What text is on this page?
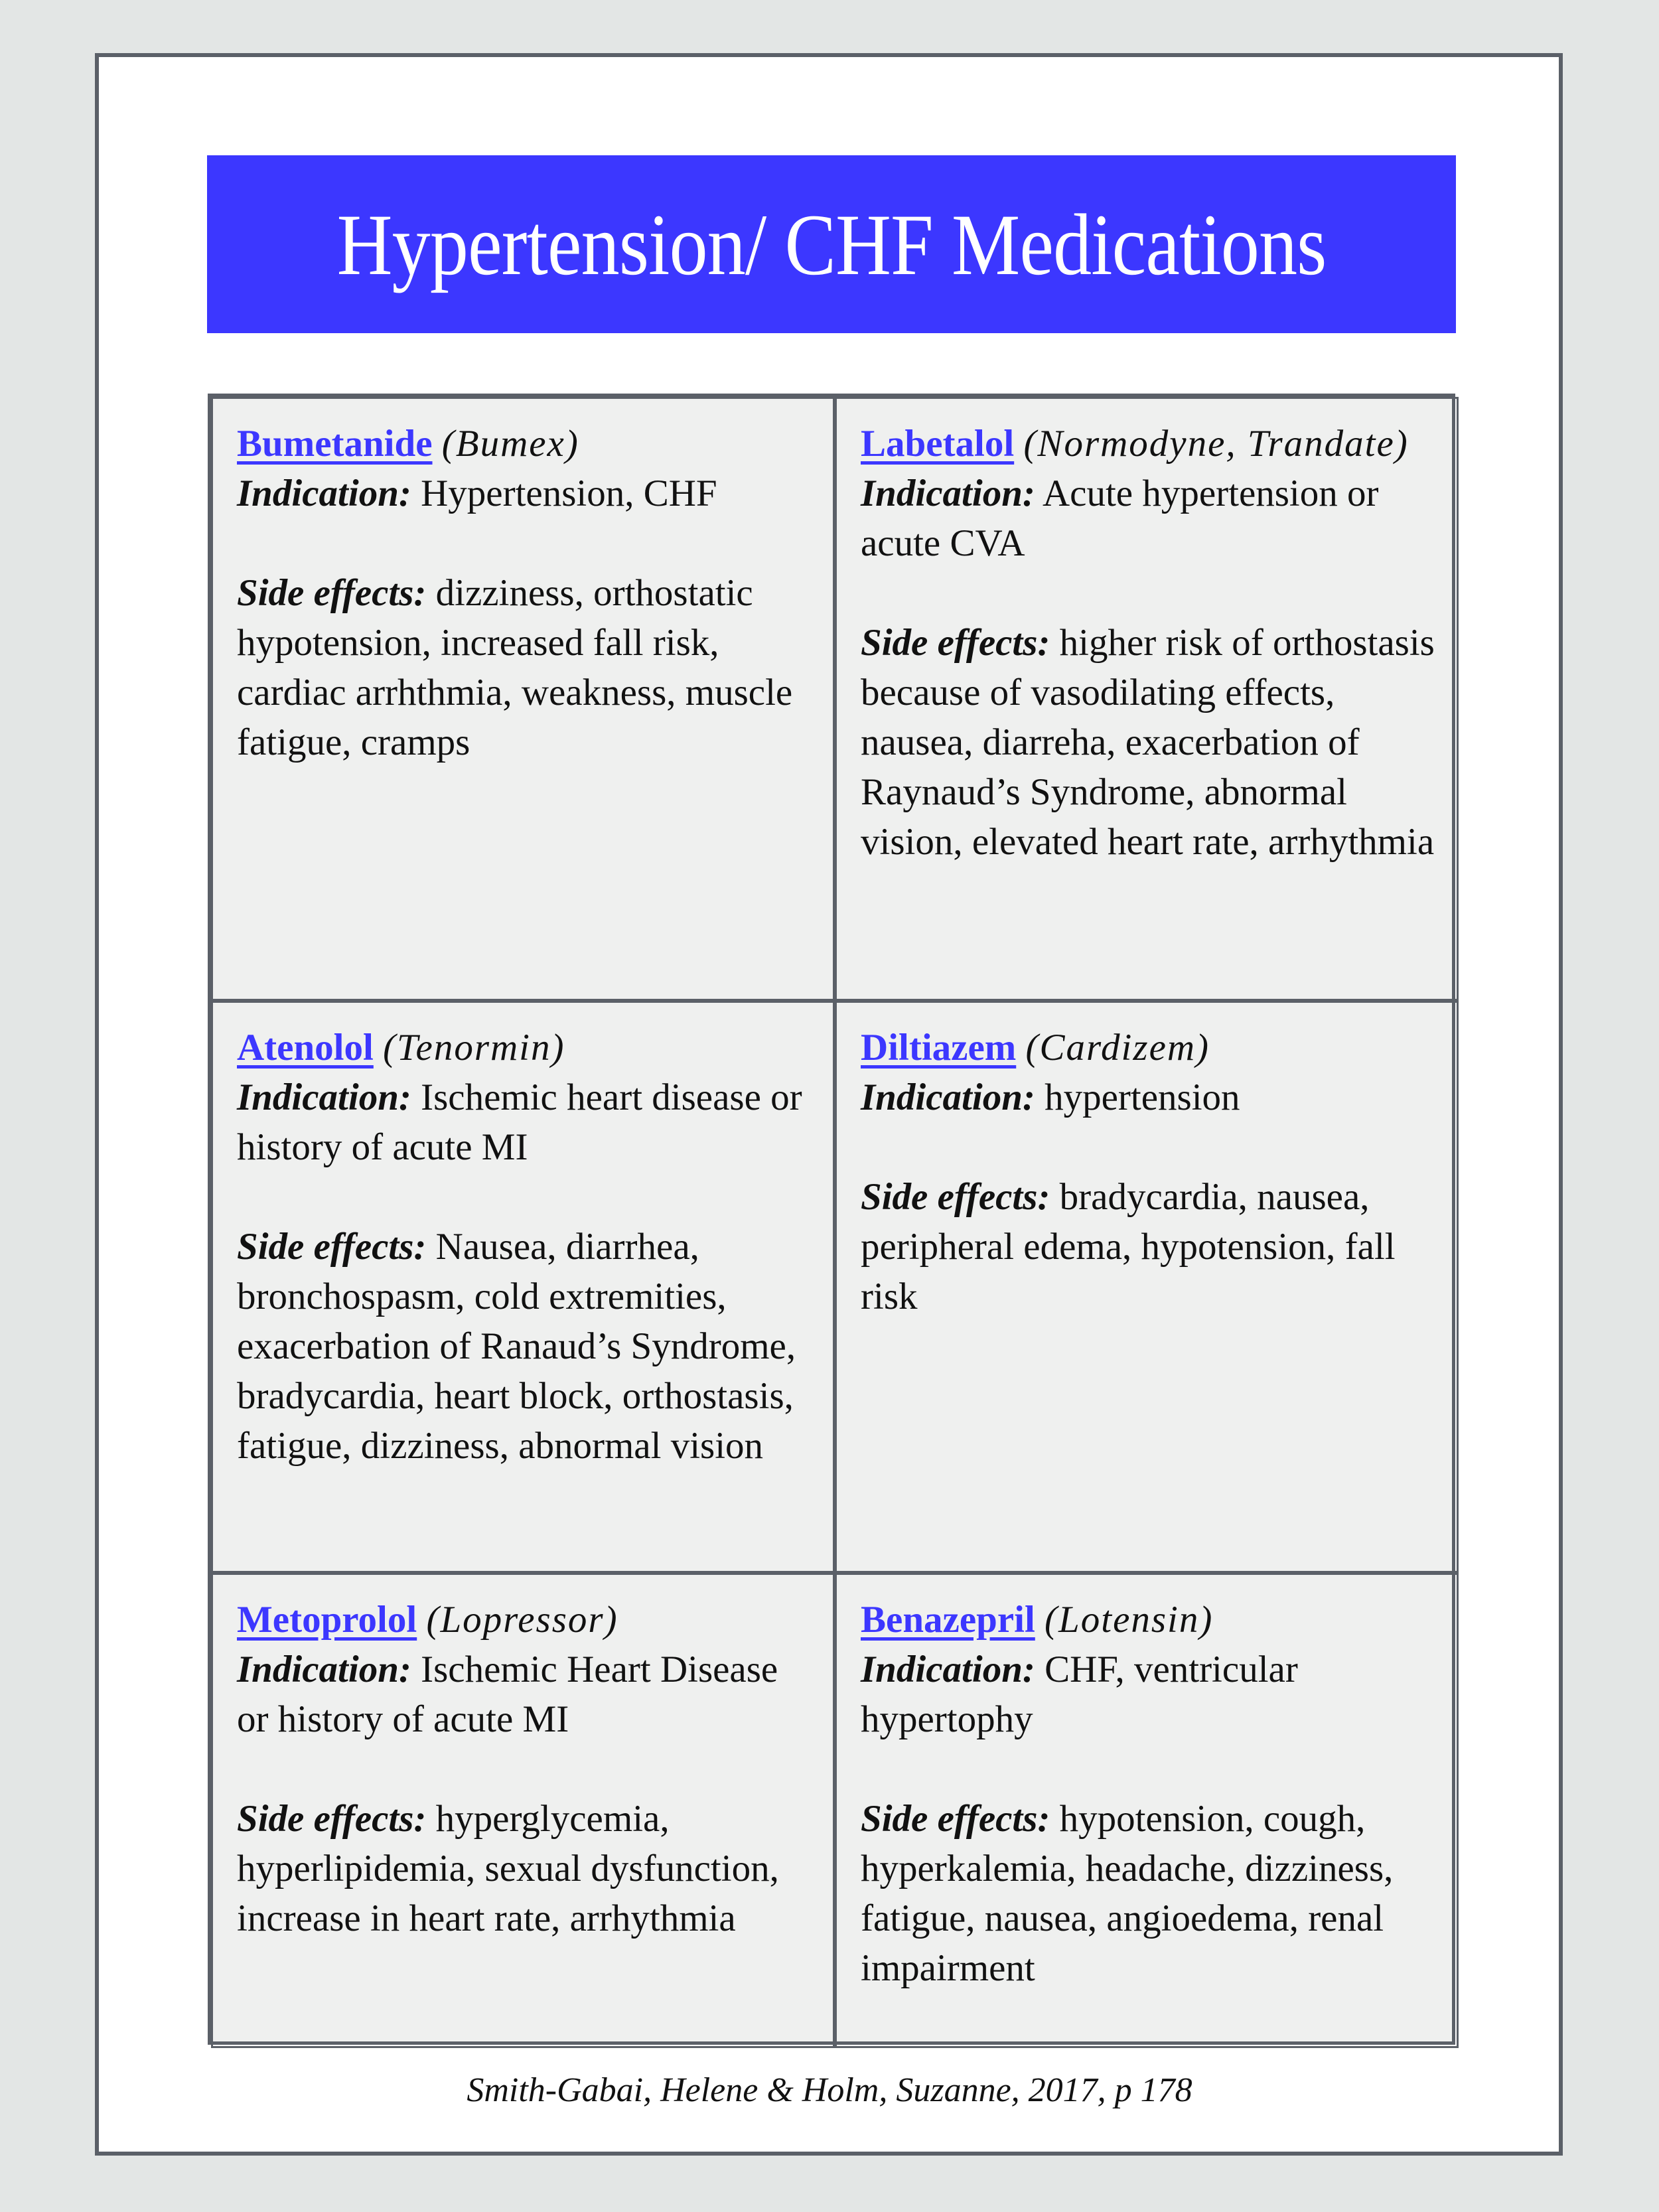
Hypertension/ CHF Medications
Bumetanide (Bumex)
Indication: Hypertension, CHF
Side effects: dizziness, orthostatic hypotension, increased fall risk, cardiac arrhthmia, weakness, muscle fatigue, cramps
Labetalol (Normodyne, Trandate)
Indication: Acute hypertension or acute CVA
Side effects: higher risk of orthostasis because of vasodilating effects, nausea, diarreha, exacerbation of Raynaud’s Syndrome, abnormal vision, elevated heart rate, arrhythmia
Atenolol (Tenormin)
Indication: Ischemic heart disease or history of acute MI
Side effects: Nausea, diarrhea, bronchospasm, cold extremities, exacerbation of Ranaud’s Syndrome, bradycardia, heart block, orthostasis, fatigue, dizziness, abnormal vision
Diltiazem (Cardizem)
Indication: hypertension
Side effects: bradycardia, nausea, peripheral edema, hypotension, fall risk
Metoprolol (Lopressor)
Indication: Ischemic Heart Disease or history of acute MI
Side effects: hyperglycemia, hyperlipidemia, sexual dysfunction, increase in heart rate, arrhythmia
Benazepril (Lotensin)
Indication: CHF, ventricular hypertophy
Side effects: hypotension, cough, hyperkalemia, headache, dizziness, fatigue, nausea, angioedema, renal impairment
Smith-Gabai, Helene & Holm, Suzanne, 2017, p 178
